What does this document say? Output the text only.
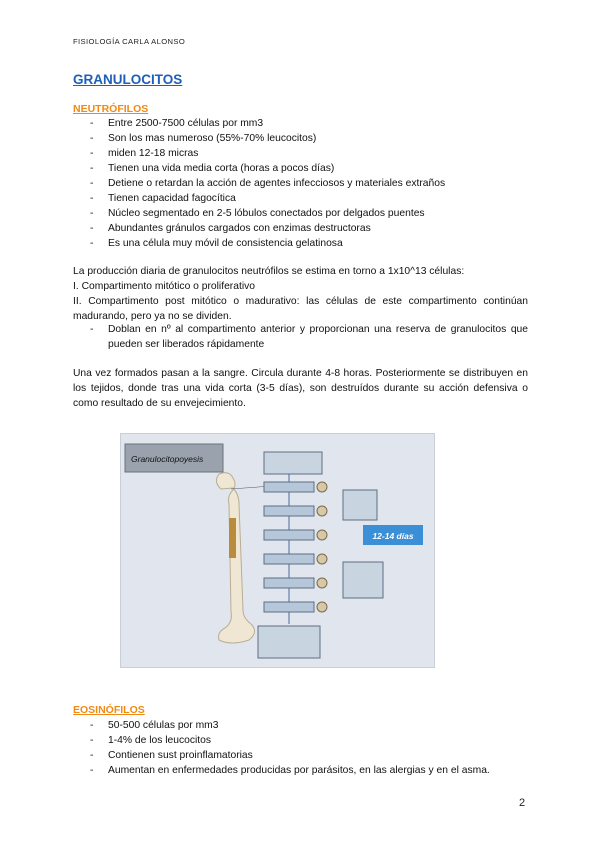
FISIOLOGÍA CARLA ALONSO
GRANULOCITOS
NEUTRÓFILOS
- Entre 2500-7500 células por mm3
- Son los mas numeroso (55%-70% leucocitos)
- miden 12-18 micras
- Tienen una vida media corta (horas a pocos días)
- Detiene o retardan la acción de agentes infecciosos y materiales extraños
- Tienen capacidad fagocítica
- Núcleo segmentado en 2-5 lóbulos conectados por delgados puentes
- Abundantes gránulos cargados con enzimas destructoras
- Es una célula muy móvil de consistencia gelatinosa

La producción diaria de granulocitos neutrófilos se estima en torno a 1x10^13 células:

I. Compartimento mitótico o proliferativo

II. Compartimento post mitótico o madurativo: las células de este compartimento continúan madurando, pero ya no se dividen.

- Doblan en nº al compartimento anterior y proporcionan una reserva de granulocitos que pueden ser liberados rápidamente
Una vez formados pasan a la sangre. Circula durante 4-8 horas. Posteriormente se distribuyen en los tejidos, donde tras una vida corta (3-5 días), son destruídos durante su acción defensiva o como resultado de su envejecimiento.
Granulocitopoyesis
12-14 días
EOSINÓFILOS
- 50-500 células por mm3
- 1-4% de los leucocitos
- Contienen sust proinflamatorias
- Aumentan en enfermedades producidas por parásitos, en las alergias y en el asma.
2
